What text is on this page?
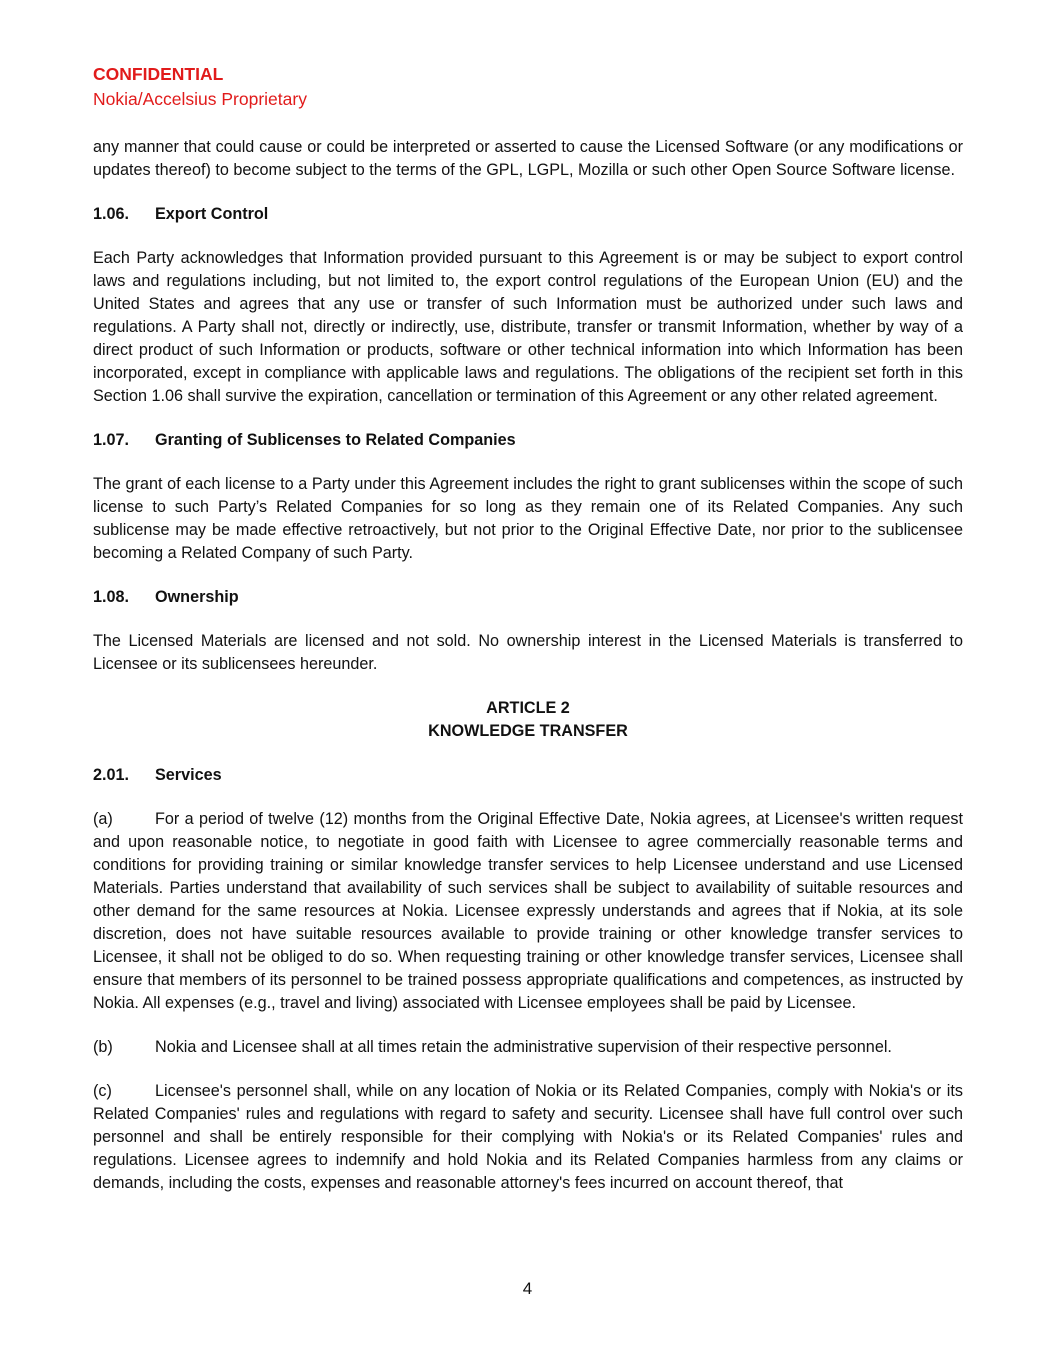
CONFIDENTIAL
Nokia/Accelsius Proprietary

any manner that could cause or could be interpreted or asserted to cause the Licensed Software (or any modifications or updates thereof) to become subject to the terms of the GPL, LGPL, Mozilla or such other Open Source Software license.

1.06.	Export Control

Each Party acknowledges that Information provided pursuant to this Agreement is or may be subject to export control laws and regulations including, but not limited to, the export control regulations of the European Union (EU) and the United States and agrees that any use or transfer of such Information must be authorized under such laws and regulations. A Party shall not, directly or indirectly, use, distribute, transfer or transmit Information, whether by way of a direct product of such Information or products, software or other technical information into which Information has been incorporated, except in compliance with applicable laws and regulations. The obligations of the recipient set forth in this Section 1.06 shall survive the expiration, cancellation or termination of this Agreement or any other related agreement.

1.07.	Granting of Sublicenses to Related Companies

The grant of each license to a Party under this Agreement includes the right to grant sublicenses within the scope of such license to such Party’s Related Companies for so long as they remain one of its Related Companies. Any such sublicense may be made effective retroactively, but not prior to the Original Effective Date, nor prior to the sublicensee becoming a Related Company of such Party.

1.08.	Ownership

The Licensed Materials are licensed and not sold. No ownership interest in the Licensed Materials is transferred to Licensee or its sublicensees hereunder.

ARTICLE 2
KNOWLEDGE TRANSFER
2.01.	Services

(a)	For a period of twelve (12) months from the Original Effective Date, Nokia agrees, at Licensee's written request and upon reasonable notice, to negotiate in good faith with Licensee to agree commercially reasonable terms and conditions for providing training or similar knowledge transfer services to help Licensee understand and use Licensed Materials. Parties understand that availability of such services shall be subject to availability of suitable resources and other demand for the same resources at Nokia. Licensee expressly understands and agrees that if Nokia, at its sole discretion, does not have suitable resources available to provide training or other knowledge transfer services to Licensee, it shall not be obliged to do so. When requesting training or other knowledge transfer services, Licensee shall ensure that members of its personnel to be trained possess appropriate qualifications and competences, as instructed by Nokia. All expenses (e.g., travel and living) associated with Licensee employees shall be paid by Licensee.

(b)	Nokia and Licensee shall at all times retain the administrative supervision of their respective personnel.

(c)	Licensee's personnel shall, while on any location of Nokia or its Related Companies, comply with Nokia's or its Related Companies' rules and regulations with regard to safety and security. Licensee shall have full control over such personnel and shall be entirely responsible for their complying with Nokia's or its Related Companies' rules and regulations. Licensee agrees to indemnify and hold Nokia and its Related Companies harmless from any claims or demands, including the costs, expenses and reasonable attorney's fees incurred on account thereof, that

4
